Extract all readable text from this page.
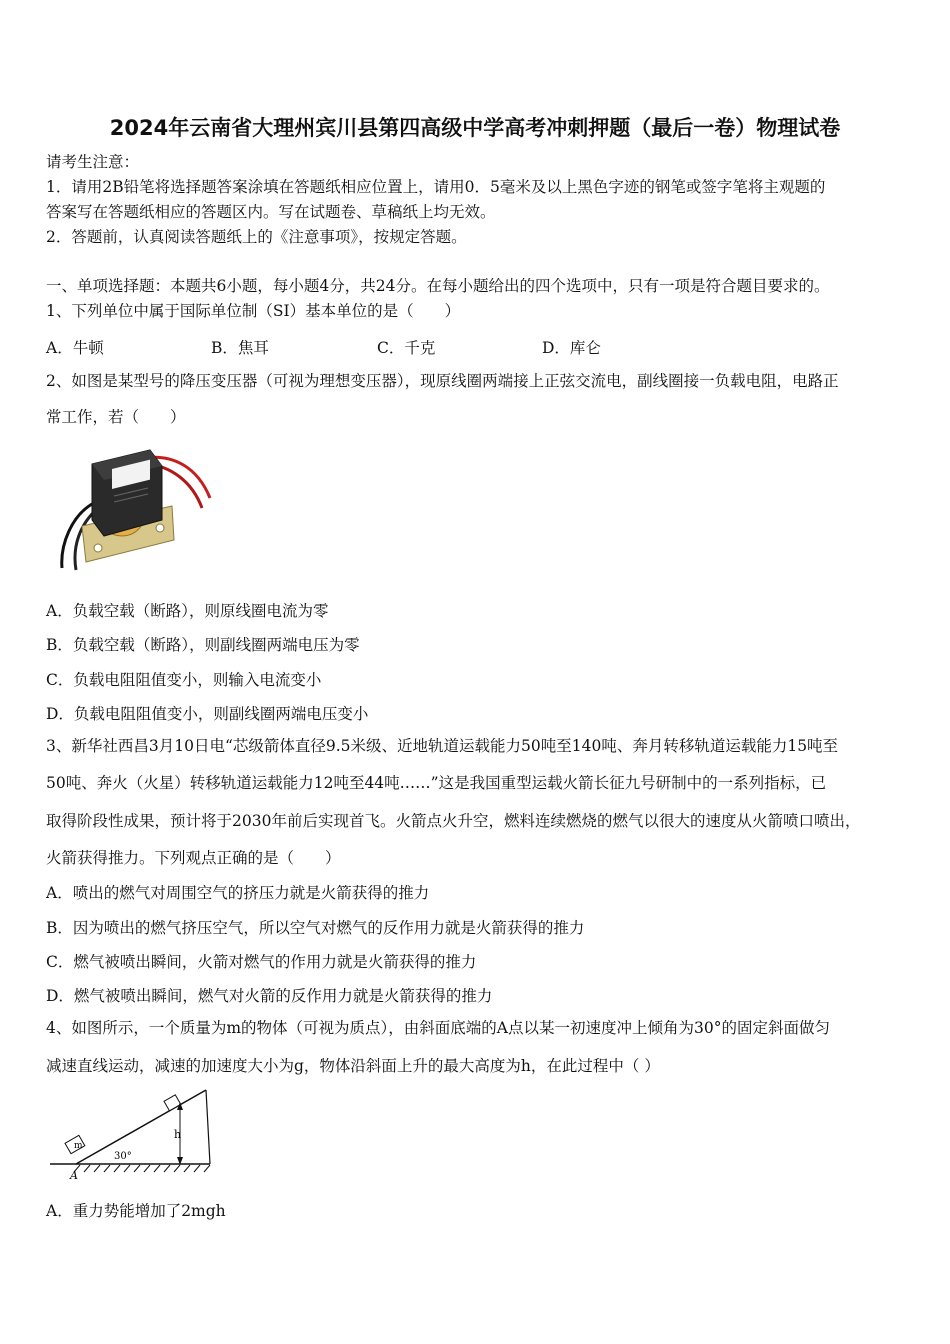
2024年云南省大理州宾川县第四高级中学高考冲刺押题（最后一卷）物理试卷
请考生注意：
1．请用2B铅笔将选择题答案涂填在答题纸相应位置上，请用0．5毫米及以上黑色字迹的钢笔或签字笔将主观题的
答案写在答题纸相应的答题区内。写在试题卷、草稿纸上均无效。
2．答题前，认真阅读答题纸上的《注意事项》，按规定答题。
一、单项选择题：本题共6小题，每小题4分，共24分。在每小题给出的四个选项中，只有一项是符合题目要求的。
1、下列单位中属于国际单位制（SI）基本单位的是（　　）
A．牛顿	B．焦耳	C．千克	D．库仑
2、如图是某型号的降压变压器（可视为理想变压器），现原线圈两端接上正弦交流电，副线圈接一负载电阻，电路正
常工作，若（　　）
A．负载空载（断路），则原线圈电流为零
B．负载空载（断路），则副线圈两端电压为零
C．负载电阻阻值变小，则输入电流变小
D．负载电阻阻值变小，则副线圈两端电压变小
3、新华社西昌3月10日电“芯级箭体直径9.5米级、近地轨道运载能力50吨至140吨、奔月转移轨道运载能力15吨至
50吨、奔火（火星）转移轨道运载能力12吨至44吨……”这是我国重型运载火箭长征九号研制中的一系列指标，已
取得阶段性成果，预计将于2030年前后实现首飞。火箭点火升空，燃料连续燃烧的燃气以很大的速度从火箭喷口喷出，
火箭获得推力。下列观点正确的是（　　）
A．喷出的燃气对周围空气的挤压力就是火箭获得的推力
B．因为喷出的燃气挤压空气，所以空气对燃气的反作用力就是火箭获得的推力
C．燃气被喷出瞬间，火箭对燃气的作用力就是火箭获得的推力
D．燃气被喷出瞬间，燃气对火箭的反作用力就是火箭获得的推力
4、如图所示，一个质量为m的物体（可视为质点），由斜面底端的A点以某一初速度冲上倾角为30°的固定斜面做匀
减速直线运动，减速的加速度大小为g，物体沿斜面上升的最大高度为h，在此过程中（ ）
h
m
30°
A
A．重力势能增加了2mgh
